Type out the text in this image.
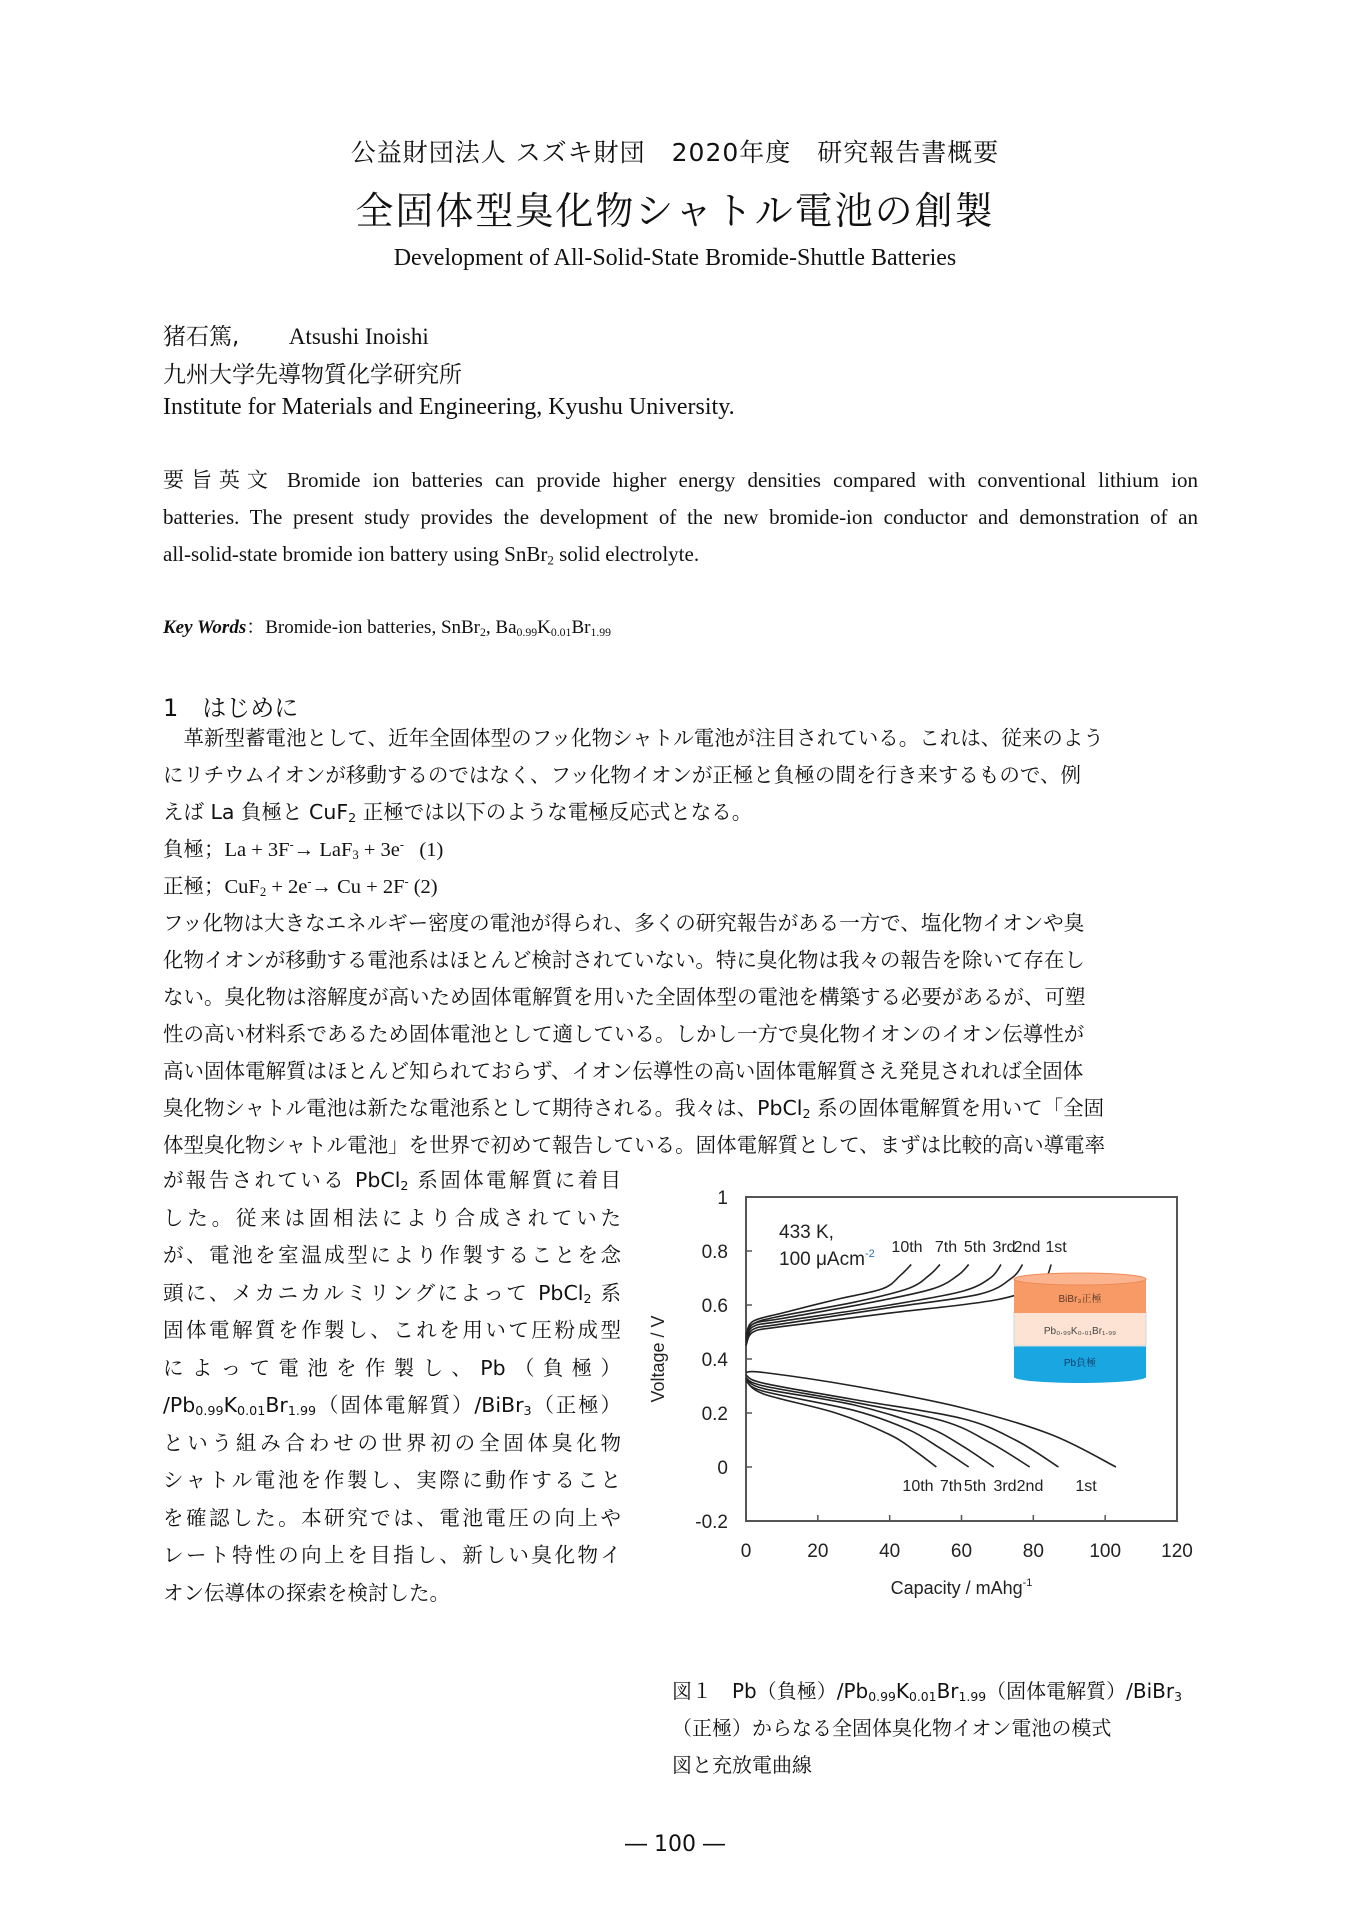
公益財団法人 スズキ財団　2020年度　研究報告書概要
全固体型臭化物シャトル電池の創製
Development of All-Solid-State Bromide-Shuttle Batteries
猪石篤, Atsushi Inoishi
九州大学先導物質化学研究所
Institute for Materials and Engineering, Kyushu University.
要旨英文 Bromide ion batteries can provide higher energy densities compared with conventional lithium ion
batteries. The present study provides the development of the new bromide-ion conductor and demonstration of an
all-solid-state bromide ion battery using SnBr$_2$ solid electrolyte.
Key Words：Bromide-ion batteries, SnBr$_2$, $Ba_{0.99}K_{0.01}Br_{1.99}$
1　はじめに
　革新型蓄電池として、近年全固体型のフッ化物シャトル電池が注目されている。これは、従来のよう
にリチウムイオンが移動するのではなく、フッ化物イオンが正極と負極の間を行き来するもので、例
えば La 負極と CuF$_2$ 正極では以下のような電極反応式となる。
負極；La + 3F-→ LaF$_3$ + 3e-   (1)
正極；CuF$_2$ + 2e-→ Cu + 2F- (2)
フッ化物は大きなエネルギー密度の電池が得られ、多くの研究報告がある一方で、塩化物イオンや臭
化物イオンが移動する電池系はほとんど検討されていない。特に臭化物は我々の報告を除いて存在し
ない。臭化物は溶解度が高いため固体電解質を用いた全固体型の電池を構築する必要があるが、可塑
性の高い材料系であるため固体電池として適している。しかし一方で臭化物イオンのイオン伝導性が
高い固体電解質はほとんど知られておらず、イオン伝導性の高い固体電解質さえ発見されれば全固体
臭化物シャトル電池は新たな電池系として期待される。我々は、PbCl$_2$ 系の固体電解質を用いて「全固
体型臭化物シャトル電池」を世界で初めて報告している。固体電解質として、まずは比較的高い導電率
が報告されている PbCl$_2$ 系固体電解質に着目
した。従来は固相法により合成されていた
が、電池を室温成型により作製することを念
頭に、メカニカルミリングによって PbCl$_2$ 系
固体電解質を作製し、これを用いて圧粉成型
によって電池を作製し、Pb（負極）
$/Pb_{0.99}K_{0.01}Br_{1.99}$（固体電解質）/BiBr$_3$（正極）
という組み合わせの世界初の全固体臭化物
シャトル電池を作製し、実際に動作すること
を確認した。本研究では、電池電圧の向上や
レート特性の向上を目指し、新しい臭化物イ
オン伝導体の探索を検討した。
-0.2
0
0.2
0.4
0.6
0.8
1
0	20	40	60	80 100 120
Voltage / V
Capacity / mAhg$^{-1}$
BiBr₃正極
Pb₀.₉₉K₀.₀₁Br₁.₉₉
Pb負極
433 K,
100 μAcm$^{-2}$ 10th 7th 5th 3rd
2nd 1st
10th 7th 5th 3rd 2nd 1st
図１　Pb（負極）$/Pb_{0.99}K_{0.01}Br_{1.99}$（固体電解質）/BiBr$_3$
（正極）からなる全固体臭化物イオン電池の模式
図と充放電曲線
― 100 ―
